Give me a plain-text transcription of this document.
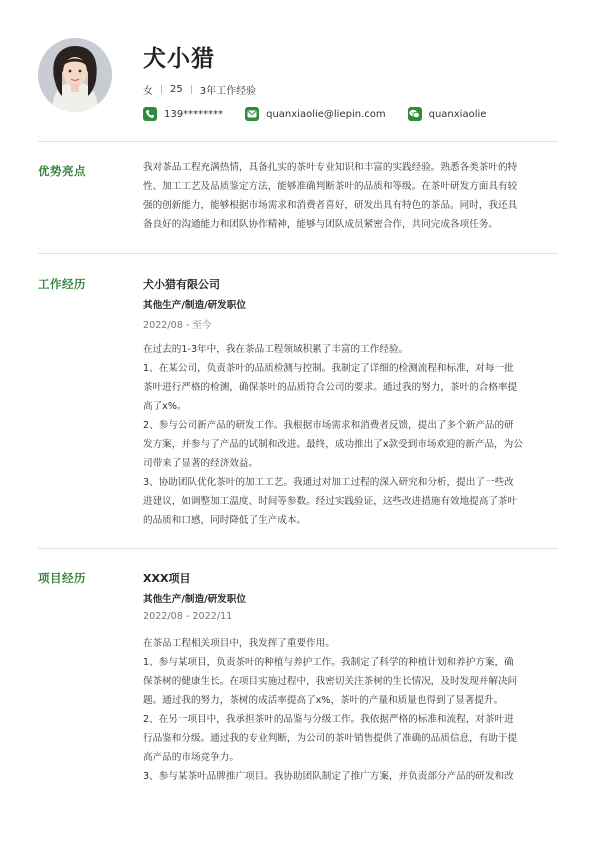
犬小猎
女 25 3年工作经验
139********	quanxiaolie@liepin.com	quanxiaolie
优势亮点	我对茶品工程充满热情，具备扎实的茶叶专业知识和丰富的实践经验。熟悉各类茶叶的特

性、加工工艺及品质鉴定方法，能够准确判断茶叶的品质和等级。在茶叶研发方面具有较

强的创新能力，能够根据市场需求和消费者喜好，研发出具有特色的茶品。同时，我还具

备良好的沟通能力和团队协作精神，能够与团队成员紧密合作，共同完成各项任务。

工作经历	犬小猎有限公司
其他生产/制造/研发职位
2022/08 - 至今

在过去的1-3年中，我在茶品工程领域积累了丰富的工作经验。

1、在某公司，负责茶叶的品质检测与控制。我制定了详细的检测流程和标准，对每一批

茶叶进行严格的检测，确保茶叶的品质符合公司的要求。通过我的努力，茶叶的合格率提

高了x%。

2、参与公司新产品的研发工作。我根据市场需求和消费者反馈，提出了多个新产品的研

发方案，并参与了产品的试制和改进。最终，成功推出了x款受到市场欢迎的新产品，为公

司带来了显著的经济效益。

3、协助团队优化茶叶的加工工艺。我通过对加工过程的深入研究和分析，提出了一些改

进建议，如调整加工温度、时间等参数。经过实践验证，这些改进措施有效地提高了茶叶

的品质和口感，同时降低了生产成本。

项目经历	XXX项目
其他生产/制造/研发职位
2022/08 - 2022/11

在茶品工程相关项目中，我发挥了重要作用。

1、参与某项目，负责茶叶的种植与养护工作。我制定了科学的种植计划和养护方案，确

保茶树的健康生长。在项目实施过程中，我密切关注茶树的生长情况，及时发现并解决问

题。通过我的努力，茶树的成活率提高了x%，茶叶的产量和质量也得到了显著提升。

2、在另一项目中，我承担茶叶的品鉴与分级工作。我依据严格的标准和流程，对茶叶进

行品鉴和分级。通过我的专业判断，为公司的茶叶销售提供了准确的品质信息，有助于提

高产品的市场竞争力。

3、参与某茶叶品牌推广项目。我协助团队制定了推广方案，并负责部分产品的研发和改
